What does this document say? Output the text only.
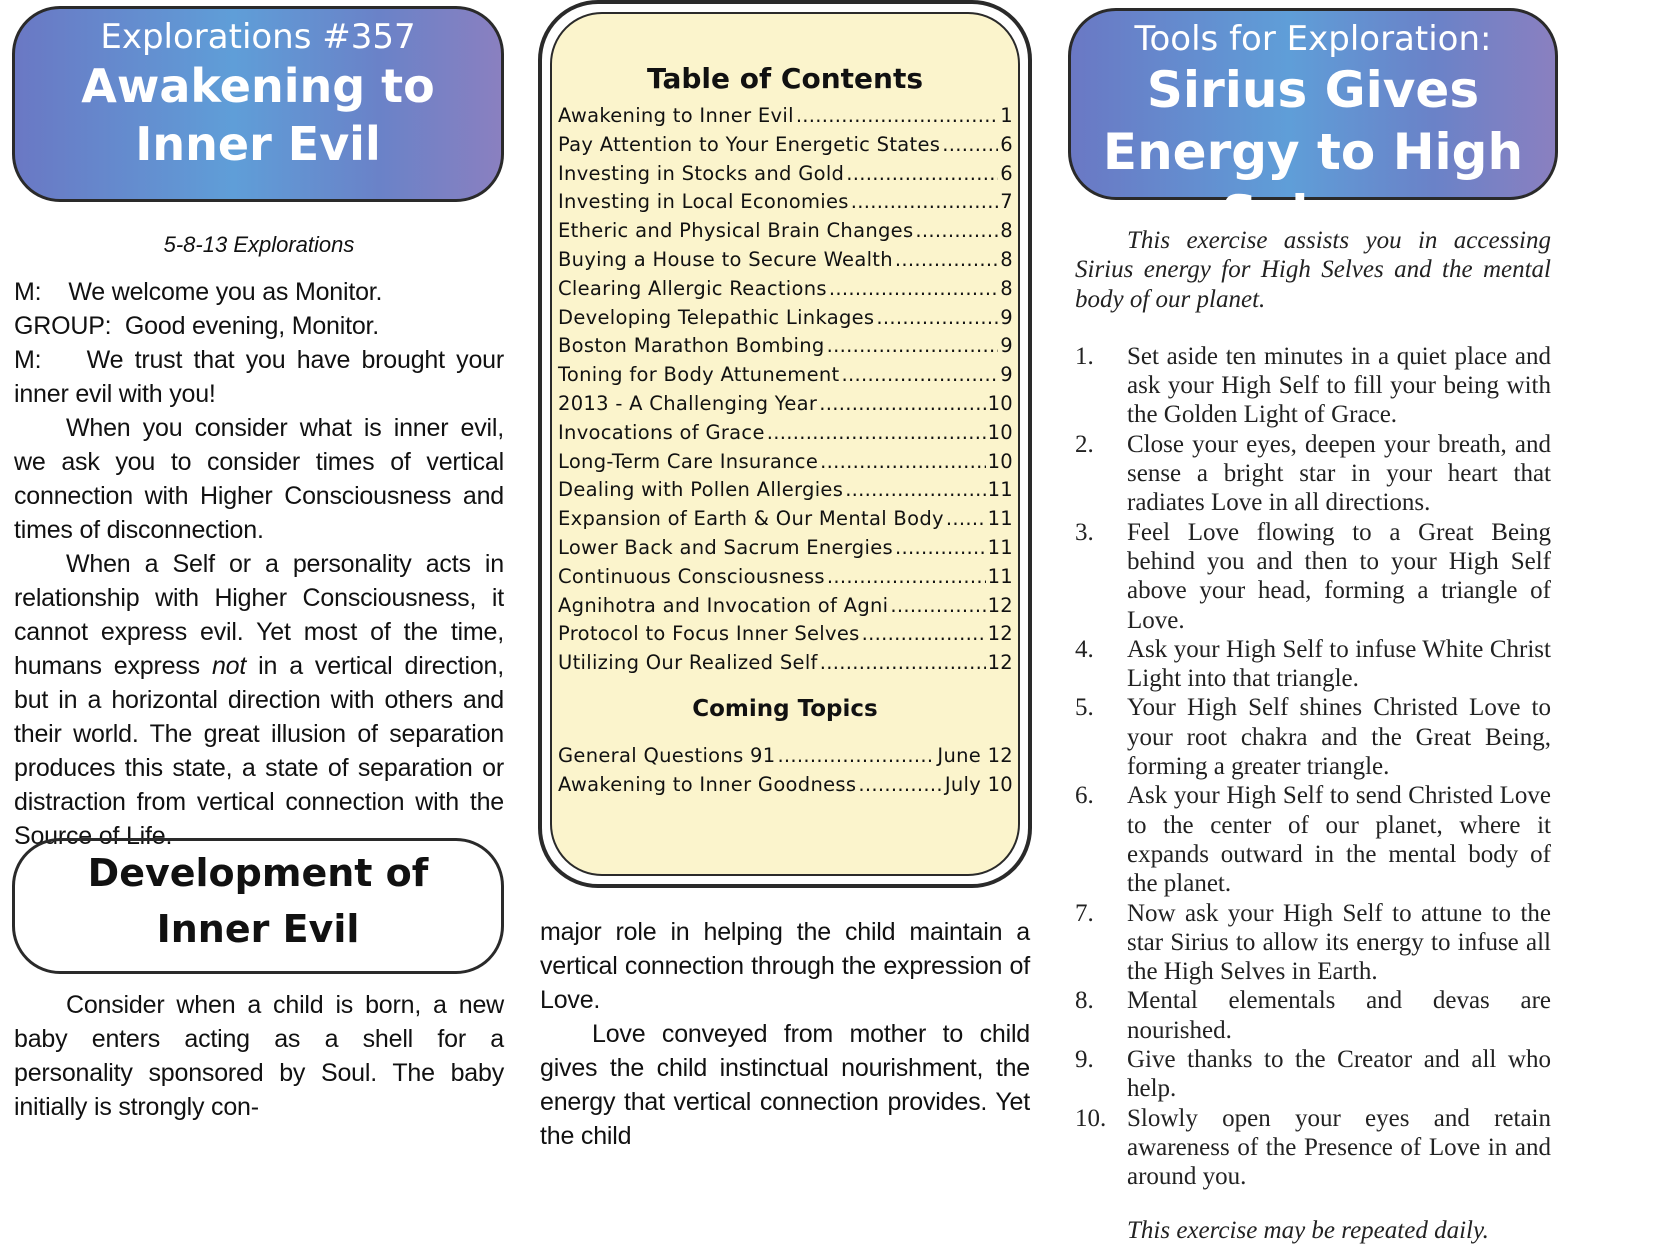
Explorations #357
Awakening to Inner Evil
5-8-13 Explorations

M: We welcome you as Monitor.

GROUP: Good evening, Monitor.

M: We trust that you have brought your inner evil with you!

When you consider what is inner evil, we ask you to consider times of vertical connection with Higher Consciousness and times of disconnection.

When a Self or a personality acts in relationship with Higher Consciousness, it cannot express evil. Yet most of the time, humans express not in a vertical direction, but in a horizontal direction with others and their world. The great illusion of separation produces this state, a state of separation or distraction from vertical connection with the Source of Life.

Development of
Inner Evil

Consider when a child is born, a new baby enters acting as a shell for a personality sponsored by Soul. The baby initially is strongly con-

Table of Contents
Awakening to Inner Evil .....	1
Pay Attention to Your Energetic States .....	6
Investing in Stocks and Gold .....	6
Investing in Local Economies .....	7
Etheric and Physical Brain Changes .....	8
Buying a House to Secure Wealth .....	8
Clearing Allergic Reactions .....	8
Developing Telepathic Linkages .....	9
Boston Marathon Bombing .....	9
Toning for Body Attunement .....	9
2013 - A Challenging Year .....	10
Invocations of Grace .....	10
Long-Term Care Insurance .....	10
Dealing with Pollen Allergies .....	11
Expansion of Earth & Our Mental Body ..... 11
Lower Back and Sacrum Energies .....	11
Continuous Consciousness .....	11
Agnihotra and Invocation of Agni .....	12
Protocol to Focus Inner Selves .....	12
Utilizing Our Realized Self .....	12
Coming Topics
General Questions 91 .....	June 12
Awakening to Inner Goodness .....	July 10

major role in helping the child maintain a vertical connection through the expression of Love.

Love conveyed from mother to child gives the child instinctual nourishment, the energy that vertical connection provides. Yet the child

Tools for Exploration:
Sirius Gives Energy to High Selves

This exercise assists you in accessing Sirius energy for High Selves and the mental body of our planet.

1.	Set aside ten minutes in a quiet place and ask your High Self to fill your being with the Golden Light of Grace.
2.	Close your eyes, deepen your breath, and sense a bright star in your heart that radiates Love in all directions.
3.	Feel Love flowing to a Great Being behind you and then to your High Self above your head, forming a triangle of Love.
4.	Ask your High Self to infuse White Christ Light into that triangle.
5.	Your High Self shines Christed Love to your root chakra and the Great Being, forming a greater triangle.
6.	Ask your High Self to send Christed Love to the center of our planet, where it expands outward in the mental body of the planet.
7.	Now ask your High Self to attune to the star Sirius to allow its energy to infuse all the High Selves in Earth.
8.	Mental elementals and devas are nourished.
9.	Give thanks to the Creator and all who help.
10. Slowly open your eyes and retain awareness of the Presence of Love in and around you.

This exercise may be repeated daily.
